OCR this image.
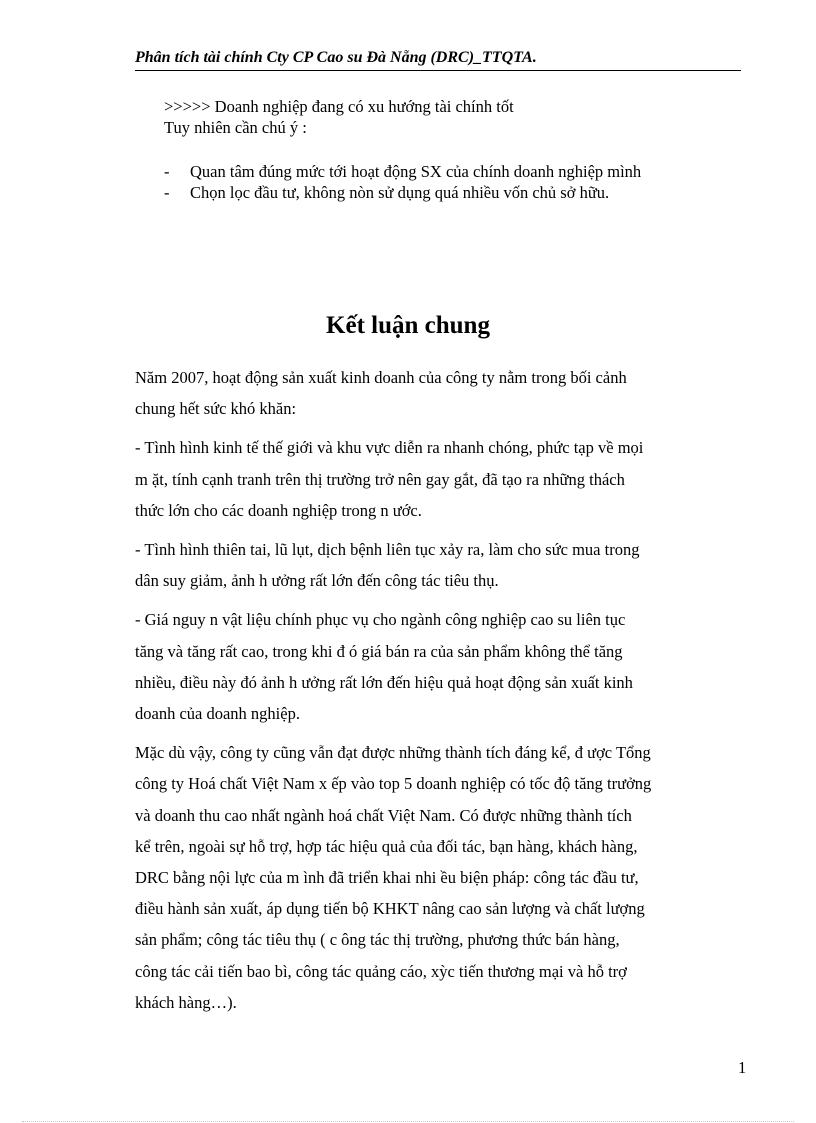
Phân tích tài chính Cty CP Cao su Đà Nẵng (DRC)_TTQTA.
>>>>> Doanh nghiệp đang có xu hướng tài chính tốt
Tuy nhiên cần chú ý :
-	Quan tâm đúng mức tới hoạt động SX của chính doanh nghiệp mình
-	Chọn lọc đầu tư, không nòn sử dụng quá nhiều vốn chủ sở hữu.
Kết luận chung
Năm 2007, hoạt động sản xuất kinh doanh của công ty nằm trong bối cảnh
chung hết sức khó khăn:
- Tình hình kinh tế thế giới và khu vực diễn ra nhanh chóng, phức tạp về mọi
m ặt, tính cạnh tranh trên thị trường trở nên gay gắt, đã tạo ra những thách
thức lớn cho các doanh nghiệp trong n ước.
- Tình hình thiên tai, lũ lụt, dịch bệnh liên tục xảy ra, làm cho sức mua trong
dân suy giảm, ảnh h ưởng rất lớn đến công tác tiêu thụ.
- Giá nguy n vật liệu chính phục vụ cho ngành công nghiệp cao su liên tục
tăng và tăng rất cao, trong khi đ ó giá bán ra của sản phẩm không thể tăng
nhiều, điều này đó ảnh h ưởng rất lớn đến hiệu quả hoạt động sản xuất kinh
doanh của doanh nghiệp.
Mặc dù vậy, công ty cũng vẫn đạt được những thành tích đáng kể, đ ược Tổng
công ty Hoá chất Việt Nam x ếp vào top 5 doanh nghiệp có tốc độ tăng trưởng
và doanh thu cao nhất ngành hoá chất Việt Nam. Có được những thành tích
kể trên, ngoài sự hỗ trợ, hợp tác hiệu quả của đối tác, bạn hàng, khách hàng,
DRC bằng nội lực của m ình đã triển khai nhi ều biện pháp: công tác đầu tư,
điều hành sản xuất, áp dụng tiến bộ KHKT nâng cao sản lượng và chất lượng
sản phẩm; công tác tiêu thụ ( c ông tác thị trường, phương thức bán hàng,
công tác cải tiến bao bì, công tác quảng cáo, xỳc tiến thương mại và hỗ trợ
khách hàng…).
1
